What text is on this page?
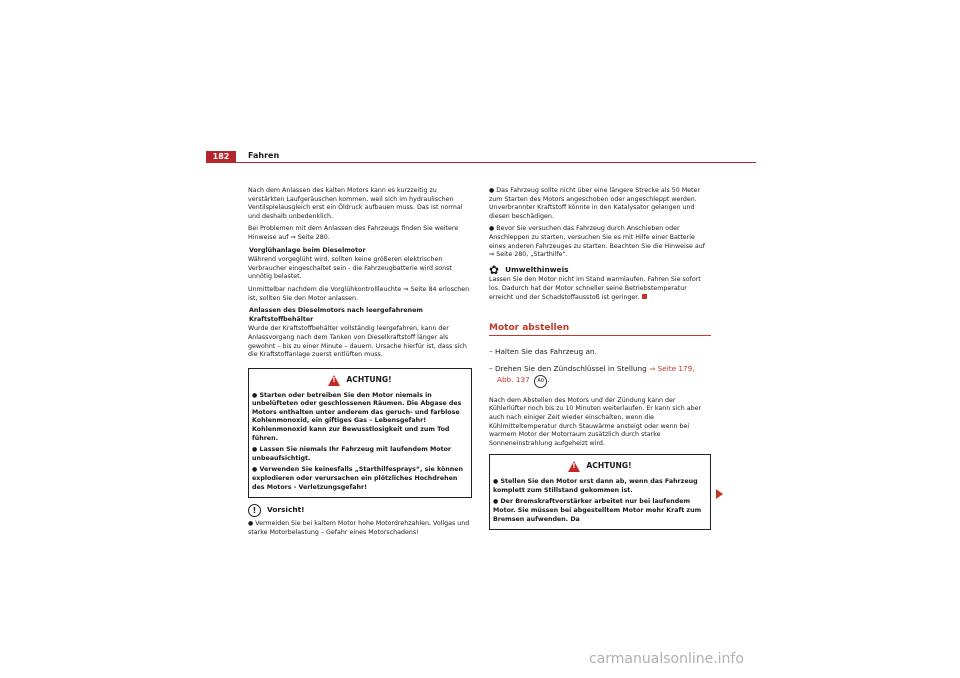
182	Fahren

Nach dem Anlassen des kalten Motors kann es kurzzeitig zu verstärkten Laufgeräuschen kommen, weil sich im hydraulischen Ventilspielausgleich erst ein Öldruck aufbauen muss. Das ist normal und deshalb unbedenklich.

Bei Problemen mit dem Anlassen des Fahrzeugs finden Sie weitere Hinweise auf ⇒ Seite 280.

Vorglühanlage beim Dieselmotor

Während vorgeglüht wird, sollten keine größeren elektrischen Verbraucher eingeschaltet sein - die Fahrzeugbatterie wird sonst unnötig belastet.

Unmittelbar nachdem die Vorglühkontrollleuchte ⇒ Seite 84 erloschen ist, sollten Sie den Motor anlassen.

Anlassen des Dieselmotors nach leergefahrenem Kraftstoffbehälter

Wurde der Kraftstoffbehälter vollständig leergefahren, kann der Anlassvorgang nach dem Tanken von Dieselkraftstoff länger als gewohnt – bis zu einer Minute – dauern. Ursache hierfür ist, dass sich die Kraftstoffanlage zuerst entlüften muss.

!
ACHTUNG!

● Starten oder betreiben Sie den Motor niemals in unbelüfteten oder geschlossenen Räumen. Die Abgase des Motors enthalten unter anderem das geruch- und farblose Kohlenmonoxid, ein giftiges Gas – Lebensgefahr! Kohlenmonoxid kann zur Bewusstlosigkeit und zum Tod führen.

● Lassen Sie niemals Ihr Fahrzeug mit laufendem Motor unbeaufsichtigt.

● Verwenden Sie keinesfalls „Starthilfesprays“, sie können explodieren oder verursachen ein plötzliches Hochdrehen des Motors - Verletzungsgefahr!

!	Vorsicht!

● Vermeiden Sie bei kaltem Motor hohe Motordrehzahlen, Vollgas und starke Motorbelastung – Gefahr eines Motorschadens!

● Das Fahrzeug sollte nicht über eine längere Strecke als 50 Meter zum Starten des Motors angeschoben oder angeschleppt werden. Unverbrannter Kraftstoff könnte in den Katalysator gelangen und diesen beschädigen.

● Bevor Sie versuchen das Fahrzeug durch Anschieben oder Anschleppen zu starten, versuchen Sie es mit Hilfe einer Batterie eines anderen Fahrzeuges zu starten. Beachten Sie die Hinweise auf ⇒ Seite 280, „Starthilfe“.

✿ Umwelthinweis

Lassen Sie den Motor nicht im Stand warmlaufen. Fahren Sie sofort los. Dadurch hat der Motor schneller seine Betriebstemperatur erreicht und der Schadstoffausstoß ist geringer.

Motor abstellen
– Halten Sie das Fahrzeug an.
– Drehen Sie den Zündschlüssel in Stellung ⇒ Seite 179,
Abb. 137 A0 .

Nach dem Abstellen des Motors und der Zündung kann der Kühlerlüfter noch bis zu 10 Minuten weiterlaufen. Er kann sich aber auch nach einiger Zeit wieder einschalten, wenn die Kühlmitteltemperatur durch Stauwärme ansteigt oder wenn bei warmem Motor der Motorraum zusätzlich durch starke Sonneneinstrahlung aufgeheizt wird.

!
ACHTUNG!

● Stellen Sie den Motor erst dann ab, wenn das Fahrzeug komplett zum Stillstand gekommen ist.

● Der Bremskraftverstärker arbeitet nur bei laufendem Motor. Sie müssen bei abgestelltem Motor mehr Kraft zum Bremsen aufwenden. Da

carmanualsonline.info
